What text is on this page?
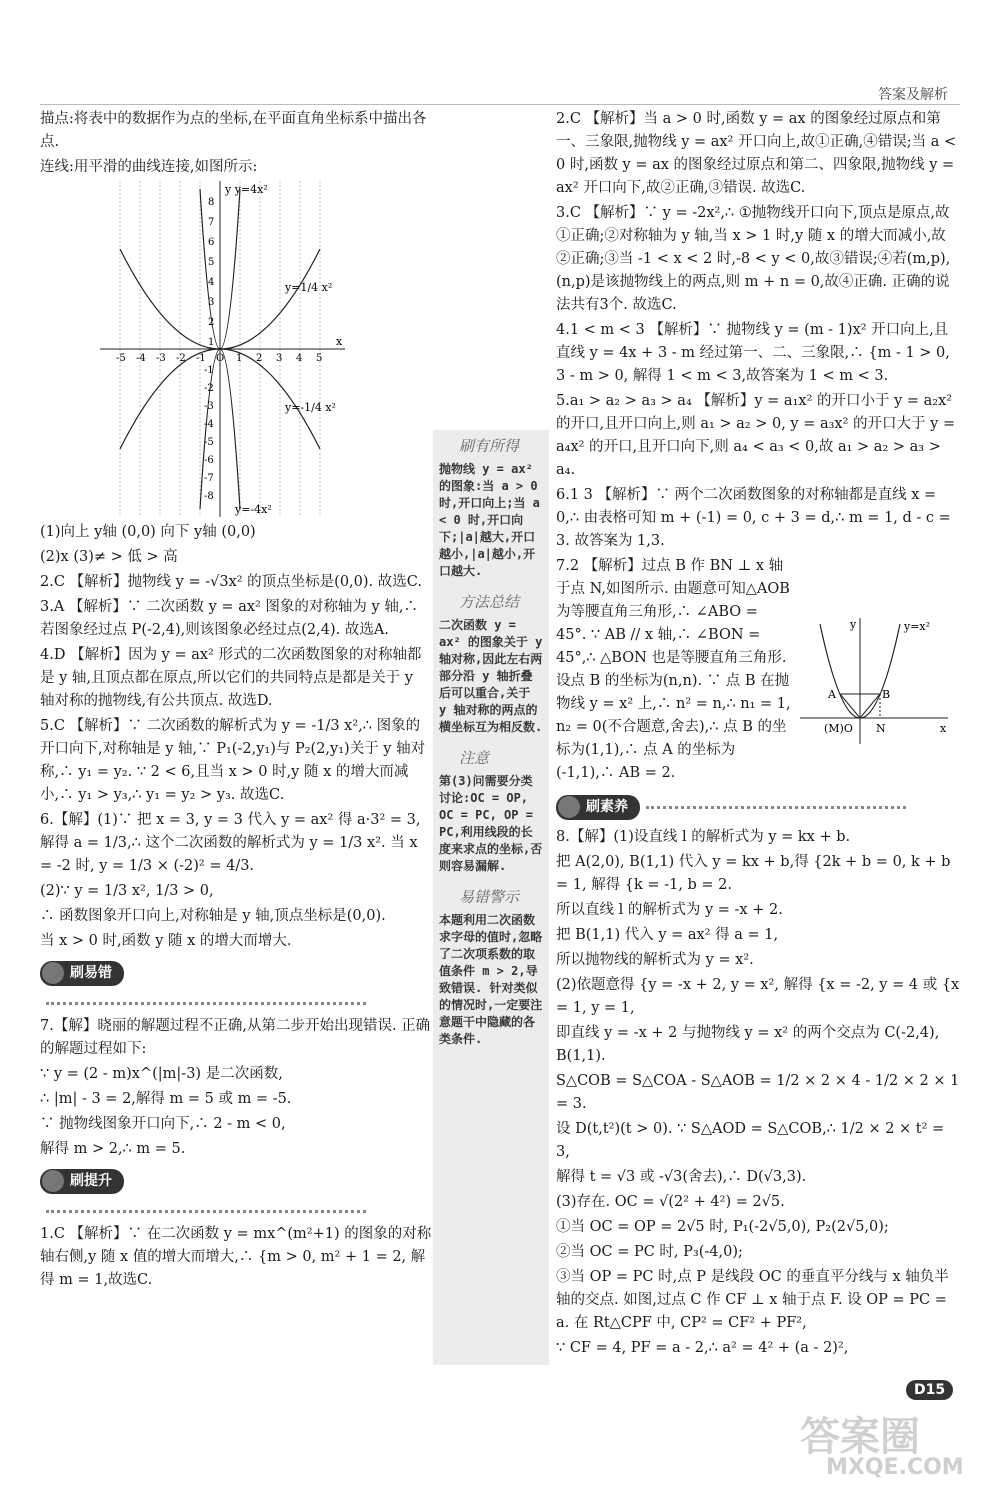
答案及解析

描点:将表中的数据作为点的坐标,在平面直角坐标系中描出各点.

连线:用平滑的曲线连接,如图所示:

y y=4x²
y=1/4 x²
y=-1/4 x²
y=-4x²
x
-5 -4 -3 -2 -1 O 1 2 3 4 5
8
7
6
5
4
3
2
1
-1
-2
-3
-4
-5
-6
-7
-8

(1)向上 y轴 (0,0) 向下 y轴 (0,0)

(2)x (3)≠ > 低 > 高

2.C 【解析】抛物线 y = -√3x² 的顶点坐标是(0,0). 故选C.

3.A 【解析】∵ 二次函数 y = ax² 图象的对称轴为 y 轴,∴ 若图象经过点 P(-2,4),则该图象必经过点(2,4). 故选A.

4.D 【解析】因为 y = ax² 形式的二次函数图象的对称轴都是 y 轴,且顶点都在原点,所以它们的共同特点是都是关于 y 轴对称的抛物线,有公共顶点. 故选D.

5.C 【解析】∵ 二次函数的解析式为 y = -1/3 x²,∴ 图象的开口向下,对称轴是 y 轴,∵ P₁(-2,y₁)与 P₂(2,y₁)关于 y 轴对称,∴ y₁ = y₂. ∵ 2 < 6,且当 x > 0 时,y 随 x 的增大而减小,∴ y₁ > y₃,∴ y₁ = y₂ > y₃. 故选C.

6.【解】(1)∵ 把 x = 3, y = 3 代入 y = ax² 得 a·3² = 3,解得 a = 1/3,∴ 这个二次函数的解析式为 y = 1/3 x². 当 x = -2 时, y = 1/3 × (-2)² = 4/3.

(2)∵ y = 1/3 x², 1/3 > 0,

∴ 函数图象开口向上,对称轴是 y 轴,顶点坐标是(0,0).

当 x > 0 时,函数 y 随 x 的增大而增大.

刷易错

7.【解】晓丽的解题过程不正确,从第二步开始出现错误. 正确的解题过程如下:

∵ y = (2 - m)x^(|m|-3) 是二次函数,

∴ |m| - 3 = 2,解得 m = 5 或 m = -5.

∵ 抛物线图象开口向下,∴ 2 - m < 0,

解得 m > 2,∴ m = 5.

刷提升

1.C 【解析】∵ 在二次函数 y = mx^(m²+1) 的图象的对称轴右侧,y 随 x 值的增大而增大,∴ {m > 0, m² + 1 = 2, 解得 m = 1,故选C.

刷有所得
抛物线 y = ax² 的图象:当 a > 0 时,开口向上;当 a < 0 时,开口向下;|a|越大,开口越小,|a|越小,开口越大.
方法总结
二次函数 y = ax² 的图象关于 y 轴对称,因此左右两部分沿 y 轴折叠后可以重合,关于 y 轴对称的两点的横坐标互为相反数.
注意
第(3)问需要分类讨论:OC = OP, OC = PC, OP = PC,利用线段的长度来求点的坐标,否则容易漏解.
易错警示
本题利用二次函数求字母的值时,忽略了二次项系数的取值条件 m > 2,导致错误. 针对类似的情况时,一定要注意题干中隐藏的各类条件.

2.C 【解析】当 a > 0 时,函数 y = ax 的图象经过原点和第一、三象限,抛物线 y = ax² 开口向上,故①正确,④错误;当 a < 0 时,函数 y = ax 的图象经过原点和第二、四象限,抛物线 y = ax² 开口向下,故②正确,③错误. 故选C.

3.C 【解析】∵ y = -2x²,∴ ①抛物线开口向下,顶点是原点,故①正确;②对称轴为 y 轴,当 x > 1 时,y 随 x 的增大而减小,故②正确;③当 -1 < x < 2 时,-8 < y < 0,故③错误;④若(m,p),(n,p)是该抛物线上的两点,则 m + n = 0,故④正确. 正确的说法共有3个. 故选C.

4.1 < m < 3 【解析】∵ 抛物线 y = (m - 1)x² 开口向上,且直线 y = 4x + 3 - m 经过第一、二、三象限,∴ {m - 1 > 0, 3 - m > 0, 解得 1 < m < 3,故答案为 1 < m < 3.

5.a₁ > a₂ > a₃ > a₄ 【解析】y = a₁x² 的开口小于 y = a₂x² 的开口,且开口向上,则 a₁ > a₂ > 0, y = a₃x² 的开口大于 y = a₄x² 的开口,且开口向下,则 a₄ < a₃ < 0,故 a₁ > a₂ > a₃ > a₄.

6.1 3 【解析】∵ 两个二次函数图象的对称轴都是直线 x = 0,∴ 由表格可知 m + (-1) = 0, c + 3 = d,∴ m = 1, d - c = 3. 故答案为 1,3.

7.2 【解析】过点 B 作 BN ⊥ x 轴于点 N,如图所示. 由题意可知△AOB 为等腰直角三角形,∴ ∠ABO = 45°. ∵ AB // x 轴,∴ ∠BON = 45°,∴ △BON 也是等腰直角三角形. 设点 B 的坐标为(n,n). ∵ 点 B 在抛物线 y = x² 上,∴ n² = n,∴ n₁ = 1, n₂ = 0(不合题意,舍去),∴ 点 B 的坐标为(1,1),∴ 点 A 的坐标为(-1,1),∴ AB = 2.

刷素养

8.【解】(1)设直线 l 的解析式为 y = kx + b.

把 A(2,0), B(1,1) 代入 y = kx + b,得 {2k + b = 0, k + b = 1, 解得 {k = -1, b = 2.

所以直线 l 的解析式为 y = -x + 2.

把 B(1,1) 代入 y = ax² 得 a = 1,

所以抛物线的解析式为 y = x².

(2)依题意得 {y = -x + 2, y = x², 解得 {x = -2, y = 4 或 {x = 1, y = 1,

即直线 y = -x + 2 与抛物线 y = x² 的两个交点为 C(-2,4), B(1,1).

S△COB = S△COA - S△AOB = 1/2 × 2 × 4 - 1/2 × 2 × 1 = 3.

设 D(t,t²)(t > 0). ∵ S△AOD = S△COB,∴ 1/2 × 2 × t² = 3,

解得 t = √3 或 -√3(舍去),∴ D(√3,3).

(3)存在. OC = √(2² + 4²) = 2√5.

①当 OC = OP = 2√5 时, P₁(-2√5,0), P₂(2√5,0);

②当 OC = PC 时, P₃(-4,0);

③当 OP = PC 时,点 P 是线段 OC 的垂直平分线与 x 轴负半轴的交点. 如图,过点 C 作 CF ⊥ x 轴于点 F. 设 OP = PC = a. 在 Rt△CPF 中, CP² = CF² + PF²,

∵ CF = 4, PF = a - 2,∴ a² = 4² + (a - 2)²,

y	y=x²
A	B
(M)O N	x
D15
答案圈
MXQE.COM
